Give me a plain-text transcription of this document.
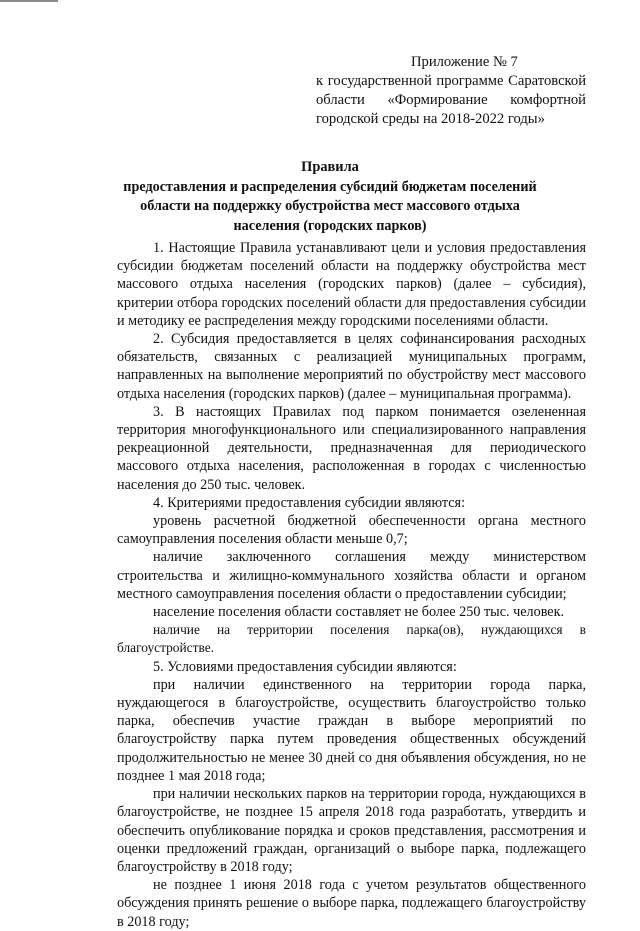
Приложение № 7
к государственной программе Саратовской области «Формирование комфортной городской среды на 2018-2022 годы»
Правила
предоставления и распределения субсидий бюджетам поселений области на поддержку обустройства мест массового отдыха населения (городских парков)

1. Настоящие Правила устанавливают цели и условия предоставления субсидии бюджетам поселений области на поддержку обустройства мест массового отдыха населения (городских парков) (далее – субсидия), критерии отбора городских поселений области для предоставления субсидии и методику ее распределения между городскими поселениями области.

2. Субсидия предоставляется в целях софинансирования расходных обязательств, связанных с реализацией муниципальных программ, направленных на выполнение мероприятий по обустройству мест массового отдыха населения (городских парков) (далее – муниципальная программа).

3. В настоящих Правилах под парком понимается озелененная территория многофункционального или специализированного направления рекреационной деятельности, предназначенная для периодического массового отдыха населения, расположенная в городах с численностью населения до 250 тыс. человек.

4. Критериями предоставления субсидии являются:

уровень расчетной бюджетной обеспеченности органа местного самоуправления поселения области меньше 0,7;

наличие заключенного соглашения между министерством строительства и жилищно-коммунального хозяйства области и органом местного самоуправления поселения области о предоставлении субсидии;

население поселения области составляет не более 250 тыс. человек.

наличие на территории поселения парка(ов), нуждающихся в благоустройстве.

5. Условиями предоставления субсидии являются:

при наличии единственного на территории города парка, нуждающегося в благоустройстве, осуществить благоустройство только парка, обеспечив участие граждан в выборе мероприятий по благоустройству парка путем проведения общественных обсуждений продолжительностью не менее 30 дней со дня объявления обсуждения, но не позднее 1 мая 2018 года;

при наличии нескольких парков на территории города, нуждающихся в благоустройстве, не позднее 15 апреля 2018 года разработать, утвердить и обеспечить опубликование порядка и сроков представления, рассмотрения и оценки предложений граждан, организаций о выборе парка, подлежащего благоустройству в 2018 году;

не позднее 1 июня 2018 года с учетом результатов общественного обсуждения принять решение о выборе парка, подлежащего благоустройству в 2018 году;
